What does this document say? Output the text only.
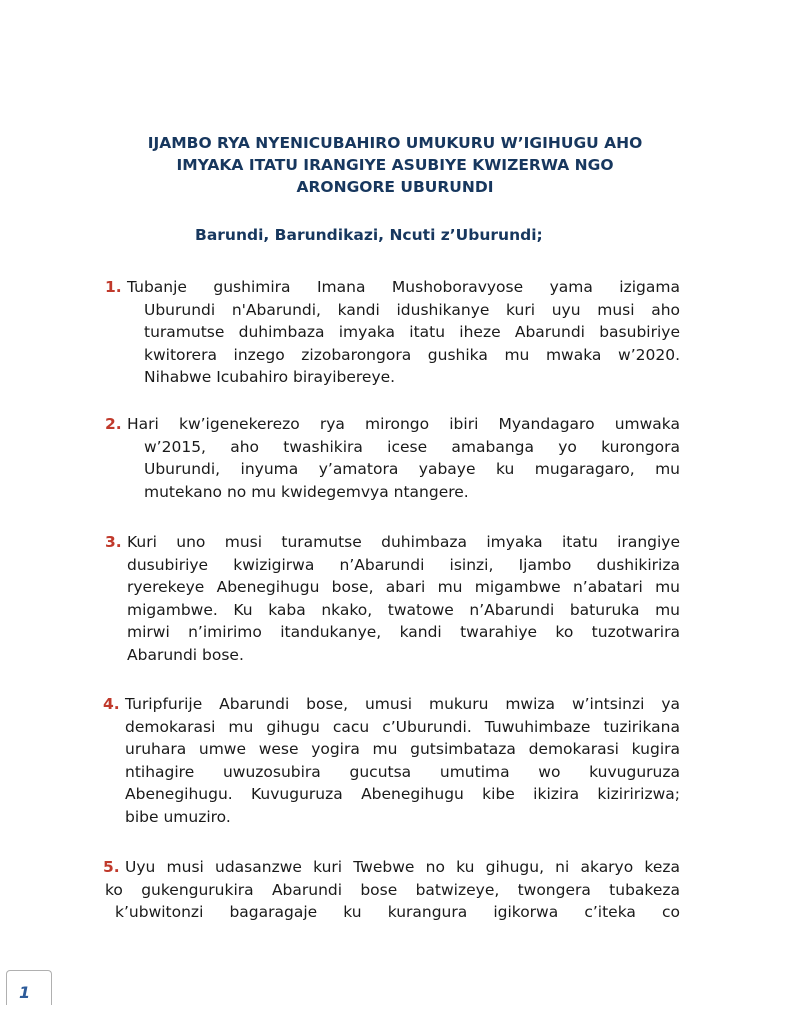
IJAMBO RYA NYENICUBAHIRO UMUKURU W’IGIHUGU AHO
IMYAKA ITATU IRANGIYE ASUBIYE KWIZERWA NGO
ARONGORE UBURUNDI
Barundi, Barundikazi, Ncuti z’Uburundi;
1. Tubanje gushimira Imana Mushoboravyose yama izigama
Uburundi n'Abarundi, kandi idushikanye kuri uyu musi aho
turamutse duhimbaza imyaka itatu iheze Abarundi basubiriye
kwitorera inzego zizobarongora gushika mu mwaka w’2020.
Nihabwe Icubahiro birayibereye.
2. Hari kw’igenekerezo rya mirongo ibiri Myandagaro umwaka
w’2015, aho twashikira icese amabanga yo kurongora
Uburundi, inyuma y’amatora yabaye ku mugaragaro, mu
mutekano no mu kwidegemvya ntangere.
3. Kuri uno musi turamutse duhimbaza imyaka itatu irangiye
dusubiriye kwizigirwa n’Abarundi isinzi, Ijambo dushikiriza
ryerekeye Abenegihugu bose, abari mu migambwe n’abatari mu
migambwe. Ku kaba nkako, twatowe n’Abarundi baturuka mu
mirwi n’imirimo itandukanye, kandi twarahiye ko tuzotwarira
Abarundi bose.
4. Turipfurije Abarundi bose, umusi mukuru mwiza w’intsinzi ya
demokarasi mu gihugu cacu c’Uburundi. Tuwuhimbaze tuzirikana
uruhara umwe wese yogira mu gutsimbataza demokarasi kugira
ntihagire uwuzosubira gucutsa umutima wo kuvuguruza
Abenegihugu. Kuvuguruza Abenegihugu kibe ikizira kiziririzwa;
bibe umuziro.
5. Uyu musi udasanzwe kuri Twebwe no ku gihugu, ni akaryo keza
ko gukengurukira Abarundi bose batwizeye, twongera tubakeza
k’ubwitonzi bagaragaje ku kurangura igikorwa c’iteka co
1
